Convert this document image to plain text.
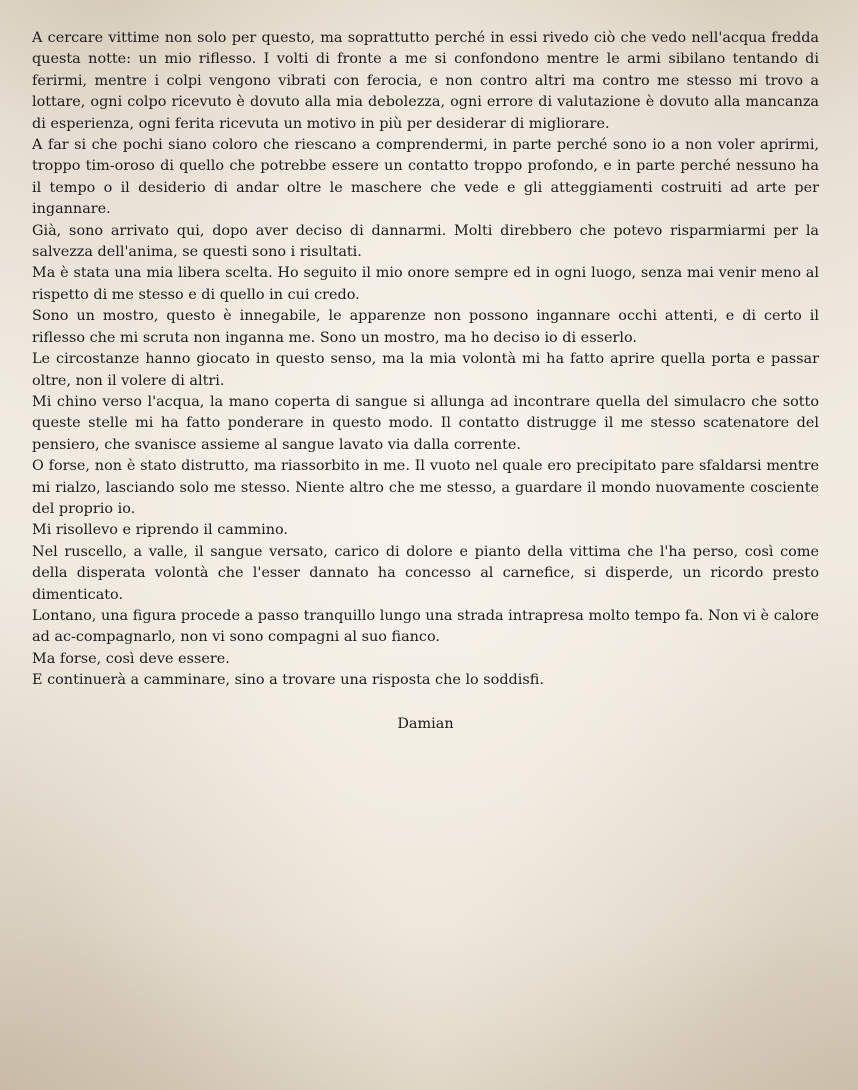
A cercare vittime non solo per questo, ma soprattutto perché in essi rivedo ciò che vedo nell'acqua fredda questa notte: un mio riflesso. I volti di fronte a me si confondono mentre le armi sibilano tentando di ferirmi, mentre i colpi vengono vibrati con ferocia, e non contro altri ma contro me stesso mi trovo a lottare, ogni colpo ricevuto è dovuto alla mia debolezza, ogni errore di valutazione è dovuto alla mancanza di esperienza, ogni ferita ricevuta un motivo in più per desiderar di migliorare.

A far si che pochi siano coloro che riescano a comprendermi, in parte perché sono io a non voler aprirmi, troppo tim-oroso di quello che potrebbe essere un contatto troppo profondo, e in parte perché nessuno ha il tempo o il desiderio di andar oltre le maschere che vede e gli atteggiamenti costruiti ad arte per ingannare.

Già, sono arrivato qui, dopo aver deciso di dannarmi. Molti direbbero che potevo risparmiarmi per la salvezza dell'anima, se questi sono i risultati.

Ma è stata una mia libera scelta. Ho seguito il mio onore sempre ed in ogni luogo, senza mai venir meno al rispetto di me stesso e di quello in cui credo.

Sono un mostro, questo è innegabile, le apparenze non possono ingannare occhi attenti, e di certo il riflesso che mi scruta non inganna me. Sono un mostro, ma ho deciso io di esserlo.

Le circostanze hanno giocato in questo senso, ma la mia volontà mi ha fatto aprire quella porta e passar oltre, non il volere di altri.

Mi chino verso l'acqua, la mano coperta di sangue si allunga ad incontrare quella del simulacro che sotto queste stelle mi ha fatto ponderare in questo modo. Il contatto distrugge il me stesso scatenatore del pensiero, che svanisce assieme al sangue lavato via dalla corrente.

O forse, non è stato distrutto, ma riassorbito in me. Il vuoto nel quale ero precipitato pare sfaldarsi mentre mi rialzo, lasciando solo me stesso. Niente altro che me stesso, a guardare il mondo nuovamente cosciente del proprio io.

Mi risollevo e riprendo il cammino.

Nel ruscello, a valle, il sangue versato, carico di dolore e pianto della vittima che l'ha perso, così come della disperata volontà che l'esser dannato ha concesso al carnefice, si disperde, un ricordo presto dimenticato.

Lontano, una figura procede a passo tranquillo lungo una strada intrapresa molto tempo fa. Non vi è calore ad ac-compagnarlo, non vi sono compagni al suo fianco.

Ma forse, così deve essere.

E continuerà a camminare, sino a trovare una risposta che lo soddisfi.

Damian
